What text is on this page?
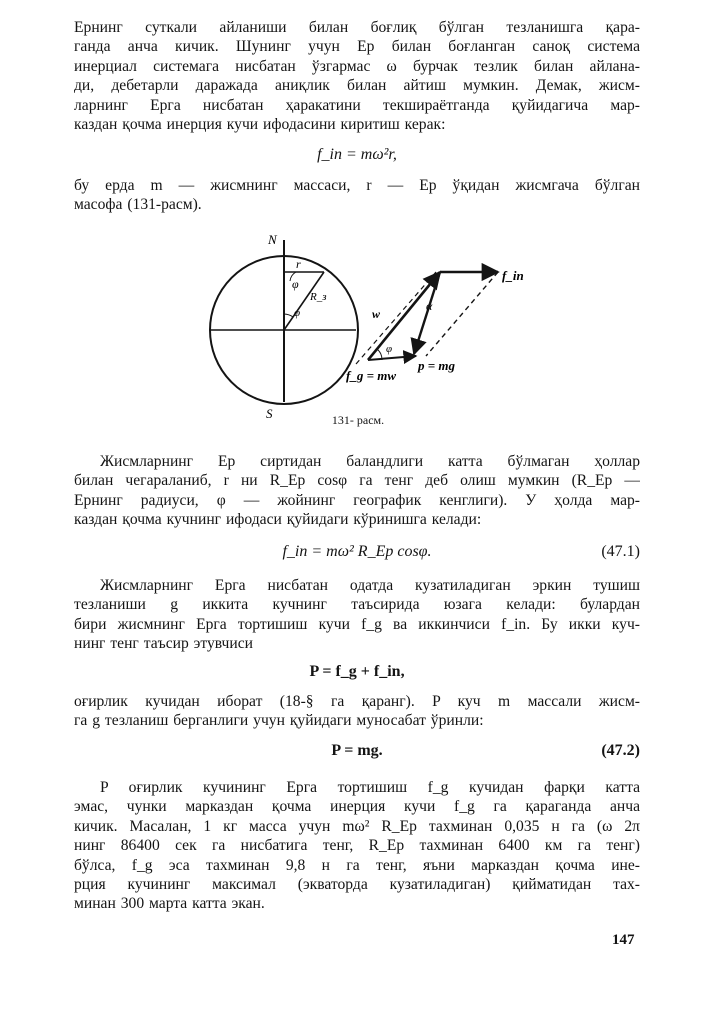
Ернинг суткали айланиши билан боғлиқ бўлган тезланишга қара-
ганда анча кичик. Шунинг учун Ер билан боғланган саноқ система
инерциал системага нисбатан ўзгармас ω бурчак тезлик билан айлана-
ди, дебетарли даражада аниқлик билан айтиш мумкин. Демак, жисм-
ларнинг Ерга нисбатан ҳаракатини текшираётганда қуйидагича мар-
каздан қочма инерция кучи ифодасини киритиш керак:
f_in = mω²r,
бу ерда m — жисмнинг массаси, r — Ер ўқидан жисмгача бўлган
масофа (131-расм).
N
S
r
φ
R_з
φ
f_in
w
α
φ
f_g = mw
p = mg
131- расм.
Жисмларнинг Ер сиртидан баландлиги катта бўлмаган ҳоллар
билан чегараланиб, r ни R_Ер cosφ га тенг деб олиш мумкин (R_Ер —
Ернинг радиуси, φ — жойнинг географик кенглиги). У ҳолда мар-
каздан қочма кучнинг ифодаси қуйидаги кўринишга келади:
f_in = mω² R_Ер cosφ.	(47.1)
Жисмларнинг Ерга нисбатан одатда кузатиладиган эркин тушиш
тезланиши g иккита кучнинг таъсирида юзага келади: булардан
бири жисмнинг Ерга тортишиш кучи f_g ва иккинчиси f_in. Бу икки куч-
нинг тенг таъсир этувчиси
P = f_g + f_in,
оғирлик кучидан иборат (18-§ га қаранг). P куч m массали жисм-
га g тезланиш берганлиги учун қуйидаги муносабат ўринли:
P = mg.	(47.2)
P оғирлик кучининг Ерга тортишиш f_g кучидан фарқи катта
эмас, чунки марказдан қочма инерция кучи f_g га қараганда анча
кичик. Масалан, 1 кг масса учун mω² R_Ер тахминан 0,035 н га (ω 2π
нинг 86400 сек га нисбатига тенг, R_Ер тахминан 6400 км га тенг)
бўлса, f_g эса тахминан 9,8 н га тенг, яъни марказдан қочма ине-
рция кучининг максимал (экваторда кузатиладиган) қийматидан тах-
минан 300 марта катта экан.
147
